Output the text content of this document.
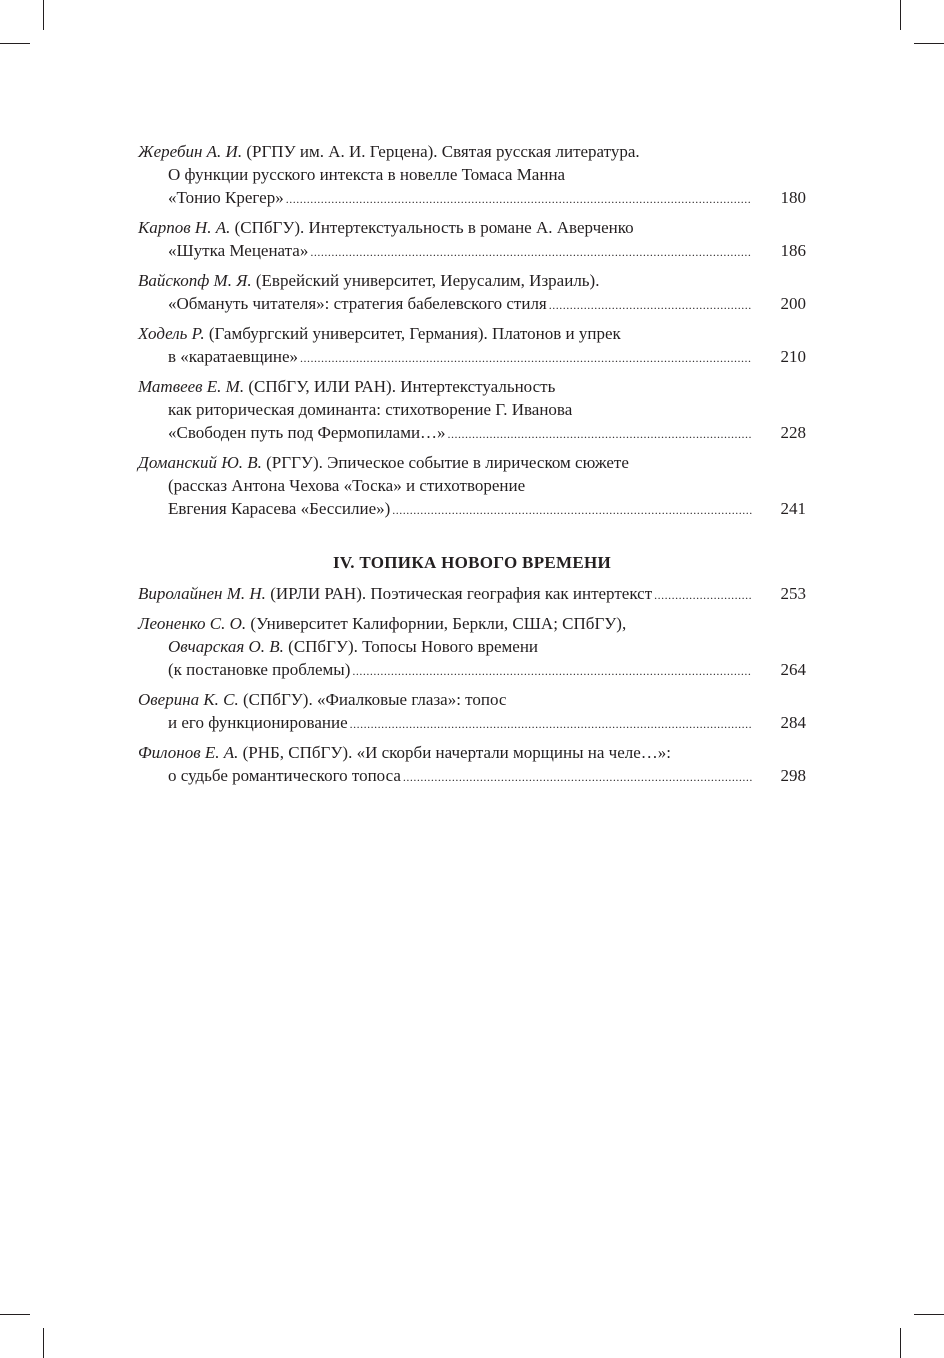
Жеребин А. И. (РГПУ им. А. И. Герцена). Святая русская литература.
О функции русского интекста в новелле Томаса Манна
«Тонио Крегер» .....	180
Карпов Н. А. (СПбГУ). Интертекстуальность в романе А. Аверченко
«Шутка Мецената» .....	186
Вайскопф М. Я. (Еврейский университет, Иерусалим, Израиль).
«Обмануть читателя»: стратегия бабелевского стиля .....	200
Ходель Р. (Гамбургский университет, Германия). Платонов и упрек
в «каратаевщине» .....	210
Матвеев Е. М. (СПбГУ, ИЛИ РАН). Интертекстуальность
как риторическая доминанта: стихотворение Г. Иванова
«Свободен путь под Фермопилами…» .....	228
Доманский Ю. В. (РГГУ). Эпическое событие в лирическом сюжете
(рассказ Антона Чехова «Тоска» и стихотворение
Евгения Карасева «Бессилие») .....	241
IV. ТОПИКА НОВОГО ВРЕМЕНИ
Виролайнен М. Н. (ИРЛИ РАН). Поэтическая география как интертекст .....	253
Леоненко С. О. (Университет Калифорнии, Беркли, США; СПбГУ),
Овчарская О. В. (СПбГУ). Топосы Нового времени
(к постановке проблемы) .....	264
Оверина К. С. (СПбГУ). «Фиалковые глаза»: топос
и его функционирование .....	284
Филонов Е. А. (РНБ, СПбГУ). «И скорби начертали морщины на челе…»:
о судьбе романтического топоса .....	298
